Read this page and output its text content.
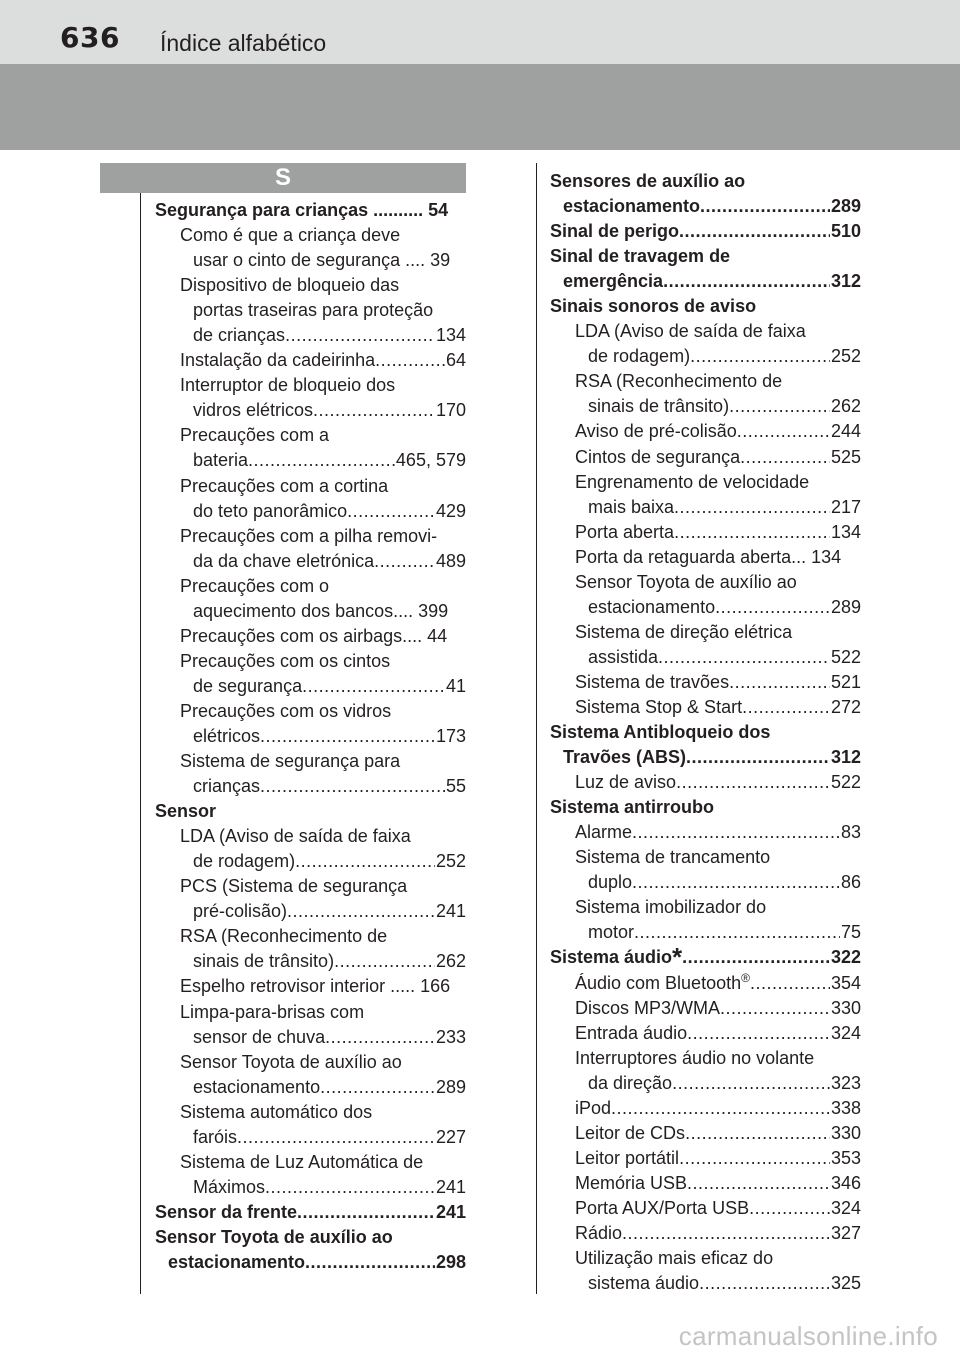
636 Índice alfabético
S
Segurança para crianças .......... 54
Como é que a criança deve
usar o cinto de segurança .... 39
Dispositivo de bloqueio das
portas traseiras para proteção
de crianças .....	134
Instalação da cadeirinha .....	64
Interruptor de bloqueio dos
vidros elétricos .....	170
Precauções com a
bateria .....	465, 579
Precauções com a cortina
do teto panorâmico .....	429
Precauções com a pilha removi-
da da chave eletrónica .....	489
Precauções com o
aquecimento dos bancos.... 399
Precauções com os airbags.... 44
Precauções com os cintos
de segurança .....	41
Precauções com os vidros
elétricos .....	173
Sistema de segurança para
crianças .....	55
Sensor
LDA (Aviso de saída de faixa
de rodagem) .....	252
PCS (Sistema de segurança
pré-colisão) .....	241
RSA (Reconhecimento de
sinais de trânsito) .....	262
Espelho retrovisor interior ..... 166
Limpa-para-brisas com
sensor de chuva .....	233
Sensor Toyota de auxílio ao
estacionamento .....	289
Sistema automático dos
faróis .....	227
Sistema de Luz Automática de
Máximos .....	241
Sensor da frente .....	241
Sensor Toyota de auxílio ao
estacionamento .....	298
Sensores de auxílio ao
estacionamento .....	289
Sinal de perigo .....	510
Sinal de travagem de
emergência .....	312
Sinais sonoros de aviso
LDA (Aviso de saída de faixa
de rodagem) .....	252
RSA (Reconhecimento de
sinais de trânsito) .....	262
Aviso de pré-colisão .....	244
Cintos de segurança .....	525
Engrenamento de velocidade
mais baixa .....	217
Porta aberta .....	134
Porta da retaguarda aberta... 134
Sensor Toyota de auxílio ao
estacionamento .....	289
Sistema de direção elétrica
assistida .....	522
Sistema de travões .....	521
Sistema Stop & Start .....	272
Sistema Antibloqueio dos
Travões (ABS) .....	312
Luz de aviso .....	522
Sistema antirroubo
Alarme .....	83
Sistema de trancamento
duplo .....	86
Sistema imobilizador do
motor .....	75
Sistema áudio* .....	322
Áudio com Bluetooth® .....	354
Discos MP3/WMA .....	330
Entrada áudio .....	324
Interruptores áudio no volante
da direção .....	323
iPod .....	338
Leitor de CDs .....	330
Leitor portátil .....	353
Memória USB .....	346
Porta AUX/Porta USB .....	324
Rádio .....	327
Utilização mais eficaz do
sistema áudio .....	325
carmanualsonline.info
